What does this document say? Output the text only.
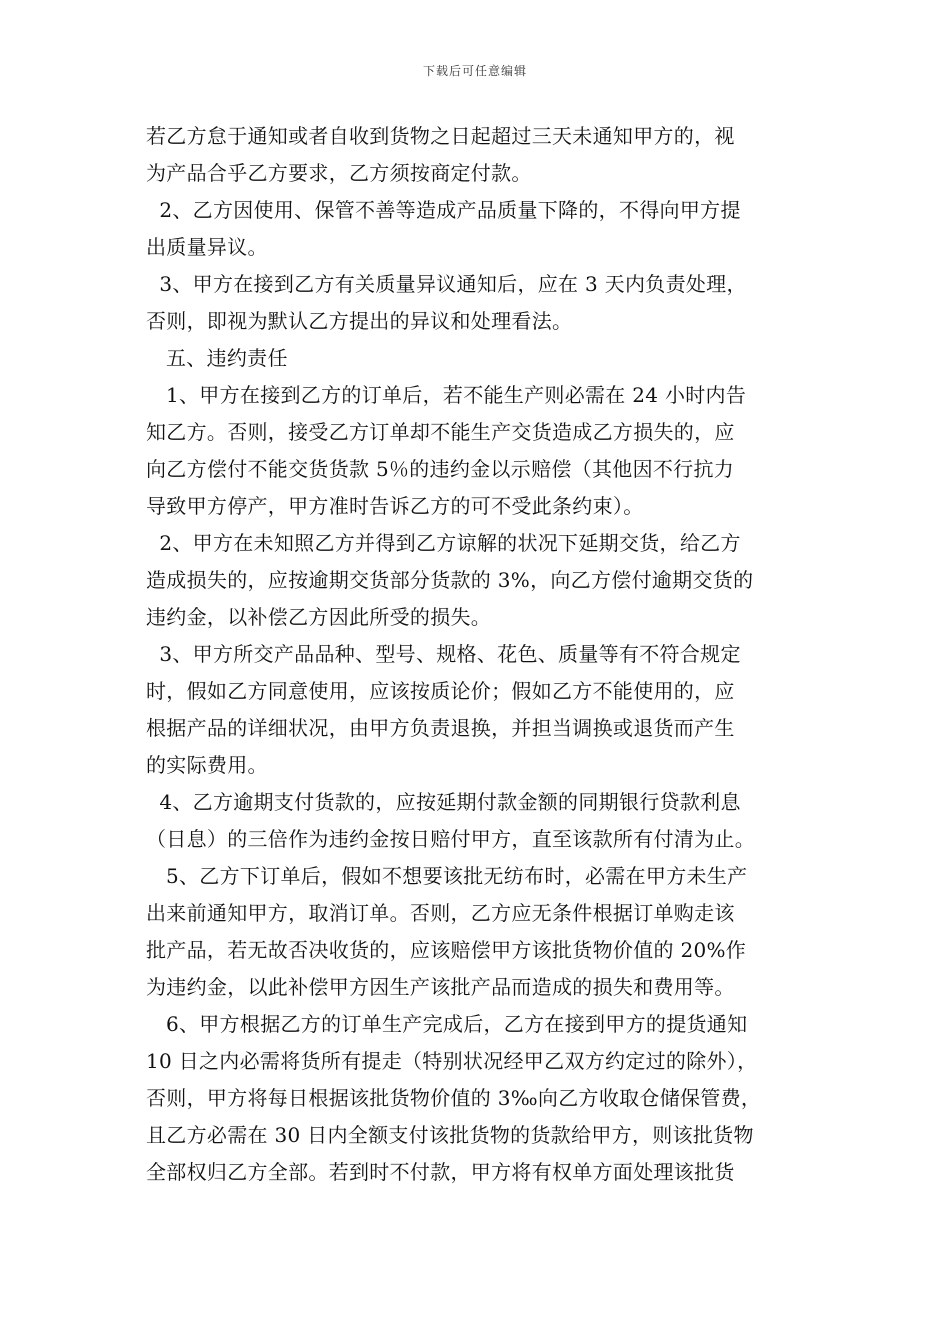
下载后可任意编辑
若乙方怠于通知或者自收到货物之日起超过三天未通知甲方的，视
为产品合乎乙方要求，乙方须按商定付款。
2、乙方因使用、保管不善等造成产品质量下降的，不得向甲方提
出质量异议。
3、甲方在接到乙方有关质量异议通知后，应在 3 天内负责处理，
否则，即视为默认乙方提出的异议和处理看法。
五、违约责任
1、甲方在接到乙方的订单后，若不能生产则必需在 24 小时内告
知乙方。否则，接受乙方订单却不能生产交货造成乙方损失的，应
向乙方偿付不能交货货款 5％的违约金以示赔偿（其他因不行抗力
导致甲方停产，甲方准时告诉乙方的可不受此条约束）。
2、甲方在未知照乙方并得到乙方谅解的状况下延期交货，给乙方
造成损失的，应按逾期交货部分货款的 3%，向乙方偿付逾期交货的
违约金，以补偿乙方因此所受的损失。
3、甲方所交产品品种、型号、规格、花色、质量等有不符合规定
时，假如乙方同意使用，应该按质论价；假如乙方不能使用的，应
根据产品的详细状况，由甲方负责退换，并担当调换或退货而产生
的实际费用。
4、乙方逾期支付货款的，应按延期付款金额的同期银行贷款利息
（日息）的三倍作为违约金按日赔付甲方，直至该款所有付清为止。
5、乙方下订单后，假如不想要该批无纺布时，必需在甲方未生产
出来前通知甲方，取消订单。否则，乙方应无条件根据订单购走该
批产品，若无故否决收货的，应该赔偿甲方该批货物价值的 20%作
为违约金，以此补偿甲方因生产该批产品而造成的损失和费用等。
6、甲方根据乙方的订单生产完成后，乙方在接到甲方的提货通知
10 日之内必需将货所有提走（特别状况经甲乙双方约定过的除外），
否则，甲方将每日根据该批货物价值的 3‰向乙方收取仓储保管费，
且乙方必需在 30 日内全额支付该批货物的货款给甲方，则该批货物
全部权归乙方全部。若到时不付款，甲方将有权单方面处理该批货
